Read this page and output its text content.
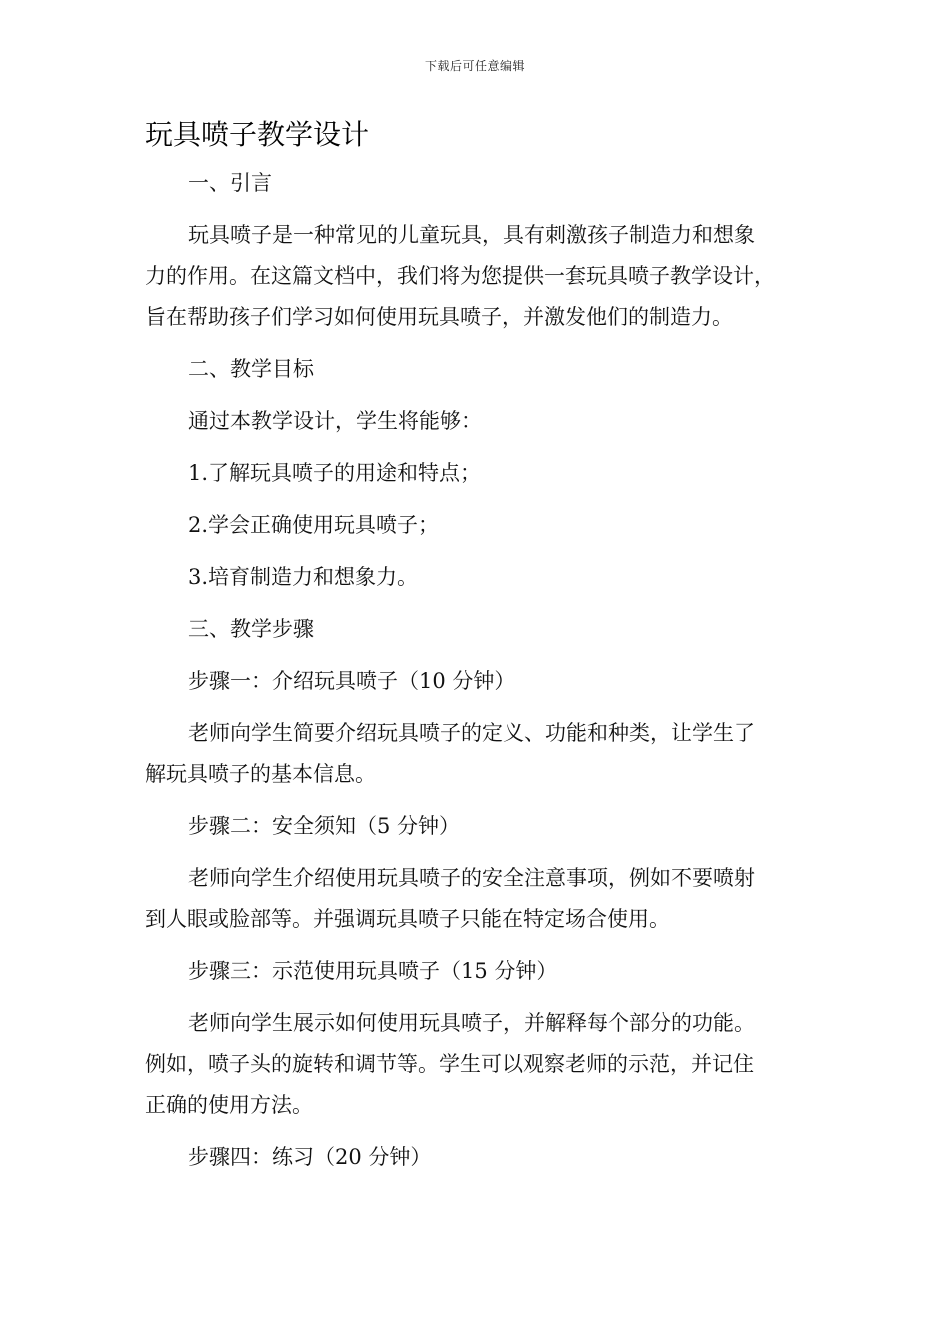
下载后可任意编辑
玩具喷子教学设计

一、引言

玩具喷子是一种常见的儿童玩具，具有刺激孩子制造力和想象

力的作用。在这篇文档中，我们将为您提供一套玩具喷子教学设计，

旨在帮助孩子们学习如何使用玩具喷子，并激发他们的制造力。

二、教学目标

通过本教学设计，学生将能够：

1.了解玩具喷子的用途和特点；

2.学会正确使用玩具喷子；

3.培育制造力和想象力。

三、教学步骤

步骤一：介绍玩具喷子（10 分钟）

老师向学生简要介绍玩具喷子的定义、功能和种类，让学生了

解玩具喷子的基本信息。

步骤二：安全须知（5 分钟）

老师向学生介绍使用玩具喷子的安全注意事项，例如不要喷射

到人眼或脸部等。并强调玩具喷子只能在特定场合使用。

步骤三：示范使用玩具喷子（15 分钟）

老师向学生展示如何使用玩具喷子，并解释每个部分的功能。

例如，喷子头的旋转和调节等。学生可以观察老师的示范，并记住

正确的使用方法。

步骤四：练习（20 分钟）
